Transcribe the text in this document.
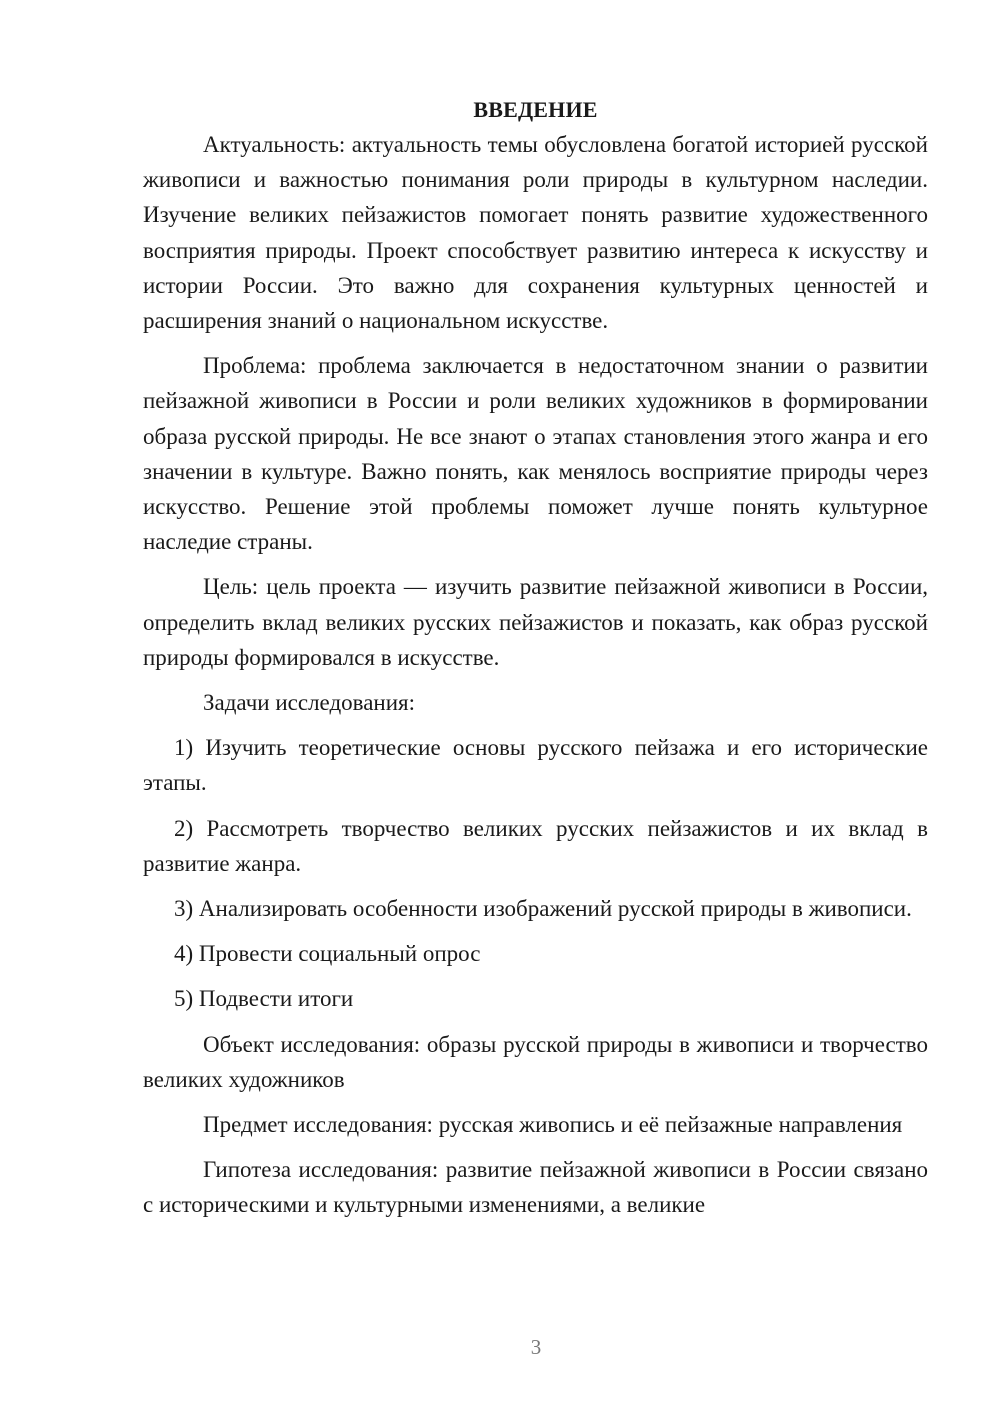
ВВЕДЕНИЕ

Актуальность: актуальность темы обусловлена богатой историей русской живописи и важностью понимания роли природы в культурном наследии. Изучение великих пейзажистов помогает понять развитие художественного восприятия природы. Проект способствует развитию интереса к искусству и истории России. Это важно для сохранения культурных ценностей и расширения знаний о национальном искусстве.

Проблема: проблема заключается в недостаточном знании о развитии пейзажной живописи в России и роли великих художников в формировании образа русской природы. Не все знают о этапах становления этого жанра и его значении в культуре. Важно понять, как менялось восприятие природы через искусство. Решение этой проблемы поможет лучше понять культурное наследие страны.

Цель: цель проекта — изучить развитие пейзажной живописи в России, определить вклад великих русских пейзажистов и показать, как образ русской природы формировался в искусстве.

Задачи исследования:

1) Изучить теоретические основы русского пейзажа и его исторические этапы.

2) Рассмотреть творчество великих русских пейзажистов и их вклад в развитие жанра.

3) Анализировать особенности изображений русской природы в живописи.

4) Провести социальный опрос

5) Подвести итоги

Объект исследования: образы русской природы в живописи и творчество великих художников

Предмет исследования: русская живопись и её пейзажные направления

Гипотеза исследования: развитие пейзажной живописи в России связано с историческими и культурными изменениями, а великие

3
